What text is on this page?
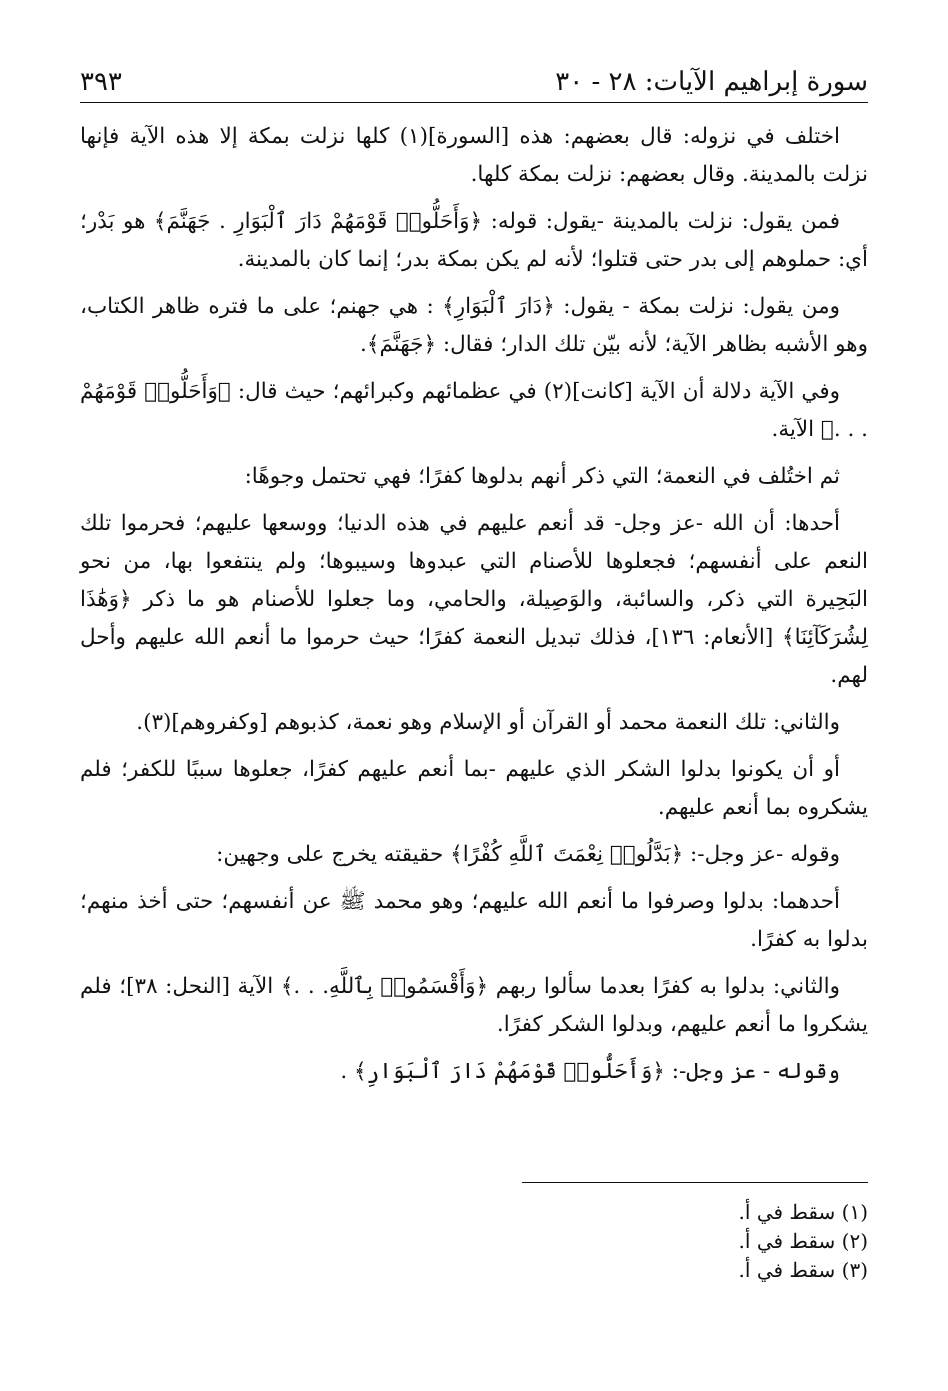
سورة إبراهيم الآيات: ٢٨ - ٣٠
٣٩٣

اختلف في نزوله: قال بعضهم: هذه [السورة](١) كلها نزلت بمكة إلا هذه الآية فإنها نزلت بالمدينة. وقال بعضهم: نزلت بمكة كلها.

فمن يقول: نزلت بالمدينة -يقول: قوله: ﴿وَأَحَلُّوا۟ قَوْمَهُمْ دَارَ ٱلْبَوَارِ . جَهَنَّمَ﴾ هو بَدْر؛ أي: حملوهم إلى بدر حتى قتلوا؛ لأنه لم يكن بمكة بدر؛ إنما كان بالمدينة.

ومن يقول: نزلت بمكة - يقول: ﴿دَارَ ٱلْبَوَارِ﴾ : هي جهنم؛ على ما فتره ظاهر الكتاب، وهو الأشبه بظاهر الآية؛ لأنه بيّن تلك الدار؛ فقال: ﴿جَهَنَّمَ﴾.

وفي الآية دلالة أن الآية [كانت](٢) في عظمائهم وكبرائهم؛ حيث قال: ﴿وَأَحَلُّوا۟ قَوْمَهُمْ . . .﴾ الآية.

ثم اختُلف في النعمة؛ التي ذكر أنهم بدلوها كفرًا؛ فهي تحتمل وجوهًا:

أحدها: أن الله -عز وجل- قد أنعم عليهم في هذه الدنيا؛ ووسعها عليهم؛ فحرموا تلك النعم على أنفسهم؛ فجعلوها للأصنام التي عبدوها وسيبوها؛ ولم ينتفعوا بها، من نحو البَحِيرة التي ذكر، والسائبة، والوَصِيلة، والحامي، وما جعلوا للأصنام هو ما ذكر ﴿وَهَٰذَا لِشُرَكَآئِنَا﴾ [الأنعام: ١٣٦]، فذلك تبديل النعمة كفرًا؛ حيث حرموا ما أنعم الله عليهم وأحل لهم.

والثاني: تلك النعمة محمد أو القرآن أو الإسلام وهو نعمة، كذبوهم [وكفروهم](٣).

أو أن يكونوا بدلوا الشكر الذي عليهم -بما أنعم عليهم كفرًا، جعلوها سببًا للكفر؛ فلم يشكروه بما أنعم عليهم.

وقوله -عز وجل-: ﴿بَدَّلُوا۟ نِعْمَتَ ٱللَّهِ كُفْرًا﴾ حقيقته يخرج على وجهين:

أحدهما: بدلوا وصرفوا ما أنعم الله عليهم؛ وهو محمد ﷺ عن أنفسهم؛ حتى أخذ منهم؛ بدلوا به كفرًا.

والثاني: بدلوا به كفرًا بعدما سألوا ربهم ﴿وَأَقْسَمُوا۟ بِٱللَّهِ. . .﴾ الآية [النحل: ٣٨]؛ فلم يشكروا ما أنعم عليهم، وبدلوا الشكر كفرًا.

وقوله - عز وجل-: ﴿وَأَحَلُّوا۟ قَوْمَهُمْ دَارَ ٱلْبَوَارِ﴾ .

(١) سقط في أ.
(٢) سقط في أ.
(٣) سقط في أ.
